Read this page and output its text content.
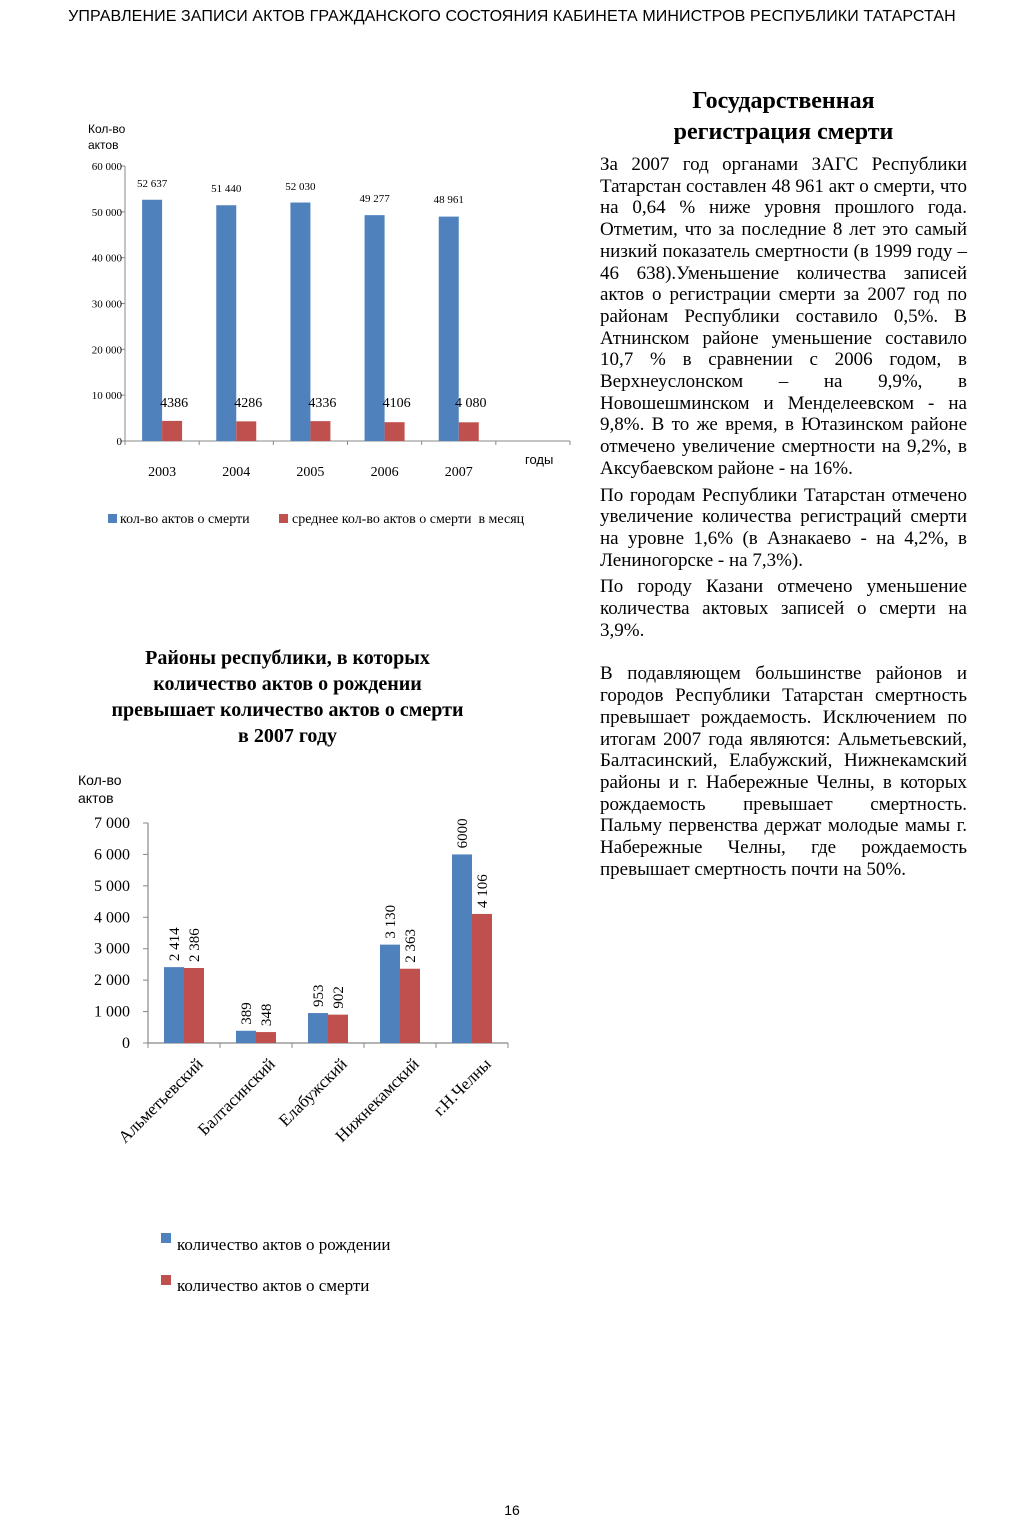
УПРАВЛЕНИЕ ЗАПИСИ АКТОВ ГРАЖДАНСКОГО СОСТОЯНИЯ КАБИНЕТА МИНИСТРОВ РЕСПУБЛИКИ ТАТАРСТАН
Кол-во
актов
годы
кол-во актов о смерти	среднее кол-во актов о смерти  в месяц
0
10 000
20 000
30 000
40 000
50 000
60 000
52 637
4386
2003
51 440
4286
2004
52 030
4336
2005
49 277
4106
2006
48 961
4 080
2007
Районы республики, в которых количество актов о рождении превышает количество актов о смерти в 2007 году
Кол-во
актов
количество актов о рождении
количество актов о смерти
0
1 000
2 000
3 000
4 000
5 000
6 000
7 000
2 414 2 386
Альметьевский
389 348
Балтасинский
953 902
Елабужский
3 130
2 363
Нижнекамский
6000
4 106
г.Н.Челны
Государственная
регистрация смерти

За 2007 год органами ЗАГС Республики Татарстан составлен 48 961 акт о смерти, что на 0,64 % ниже уровня прошлого года. Отметим, что за последние 8 лет это самый низкий показатель смертности (в 1999 году – 46 638).Уменьшение количества записей актов о регистрации смерти за 2007 год по районам Республики составило 0,5%. В Атнинском районе уменьшение составило 10,7 % в сравнении с 2006 годом, в Верхнеуслонском – на 9,9%, в Новошешминском и Менделеевском - на 9,8%. В то же время, в Ютазинском районе отмечено увеличение смертности на 9,2%, в Аксубаевском районе - на 16%.

По городам Республики Татарстан отмечено увеличение количества регистраций смерти на уровне 1,6% (в Азнакаево - на 4,2%, в Лениногорске - на 7,3%).

По городу Казани отмечено уменьшение количества актовых записей о смерти на 3,9%.

В подавляющем большинстве районов и городов Республики Татарстан смертность превышает рождаемость. Исключением по итогам 2007 года являются: Альметьевский, Балтасинский, Елабужский, Нижнекамский районы и г. Набережные Челны, в которых рождаемость превышает смертность. Пальму первенства держат молодые мамы г. Набережные Челны, где рождаемость превышает смертность почти на 50%.

16
